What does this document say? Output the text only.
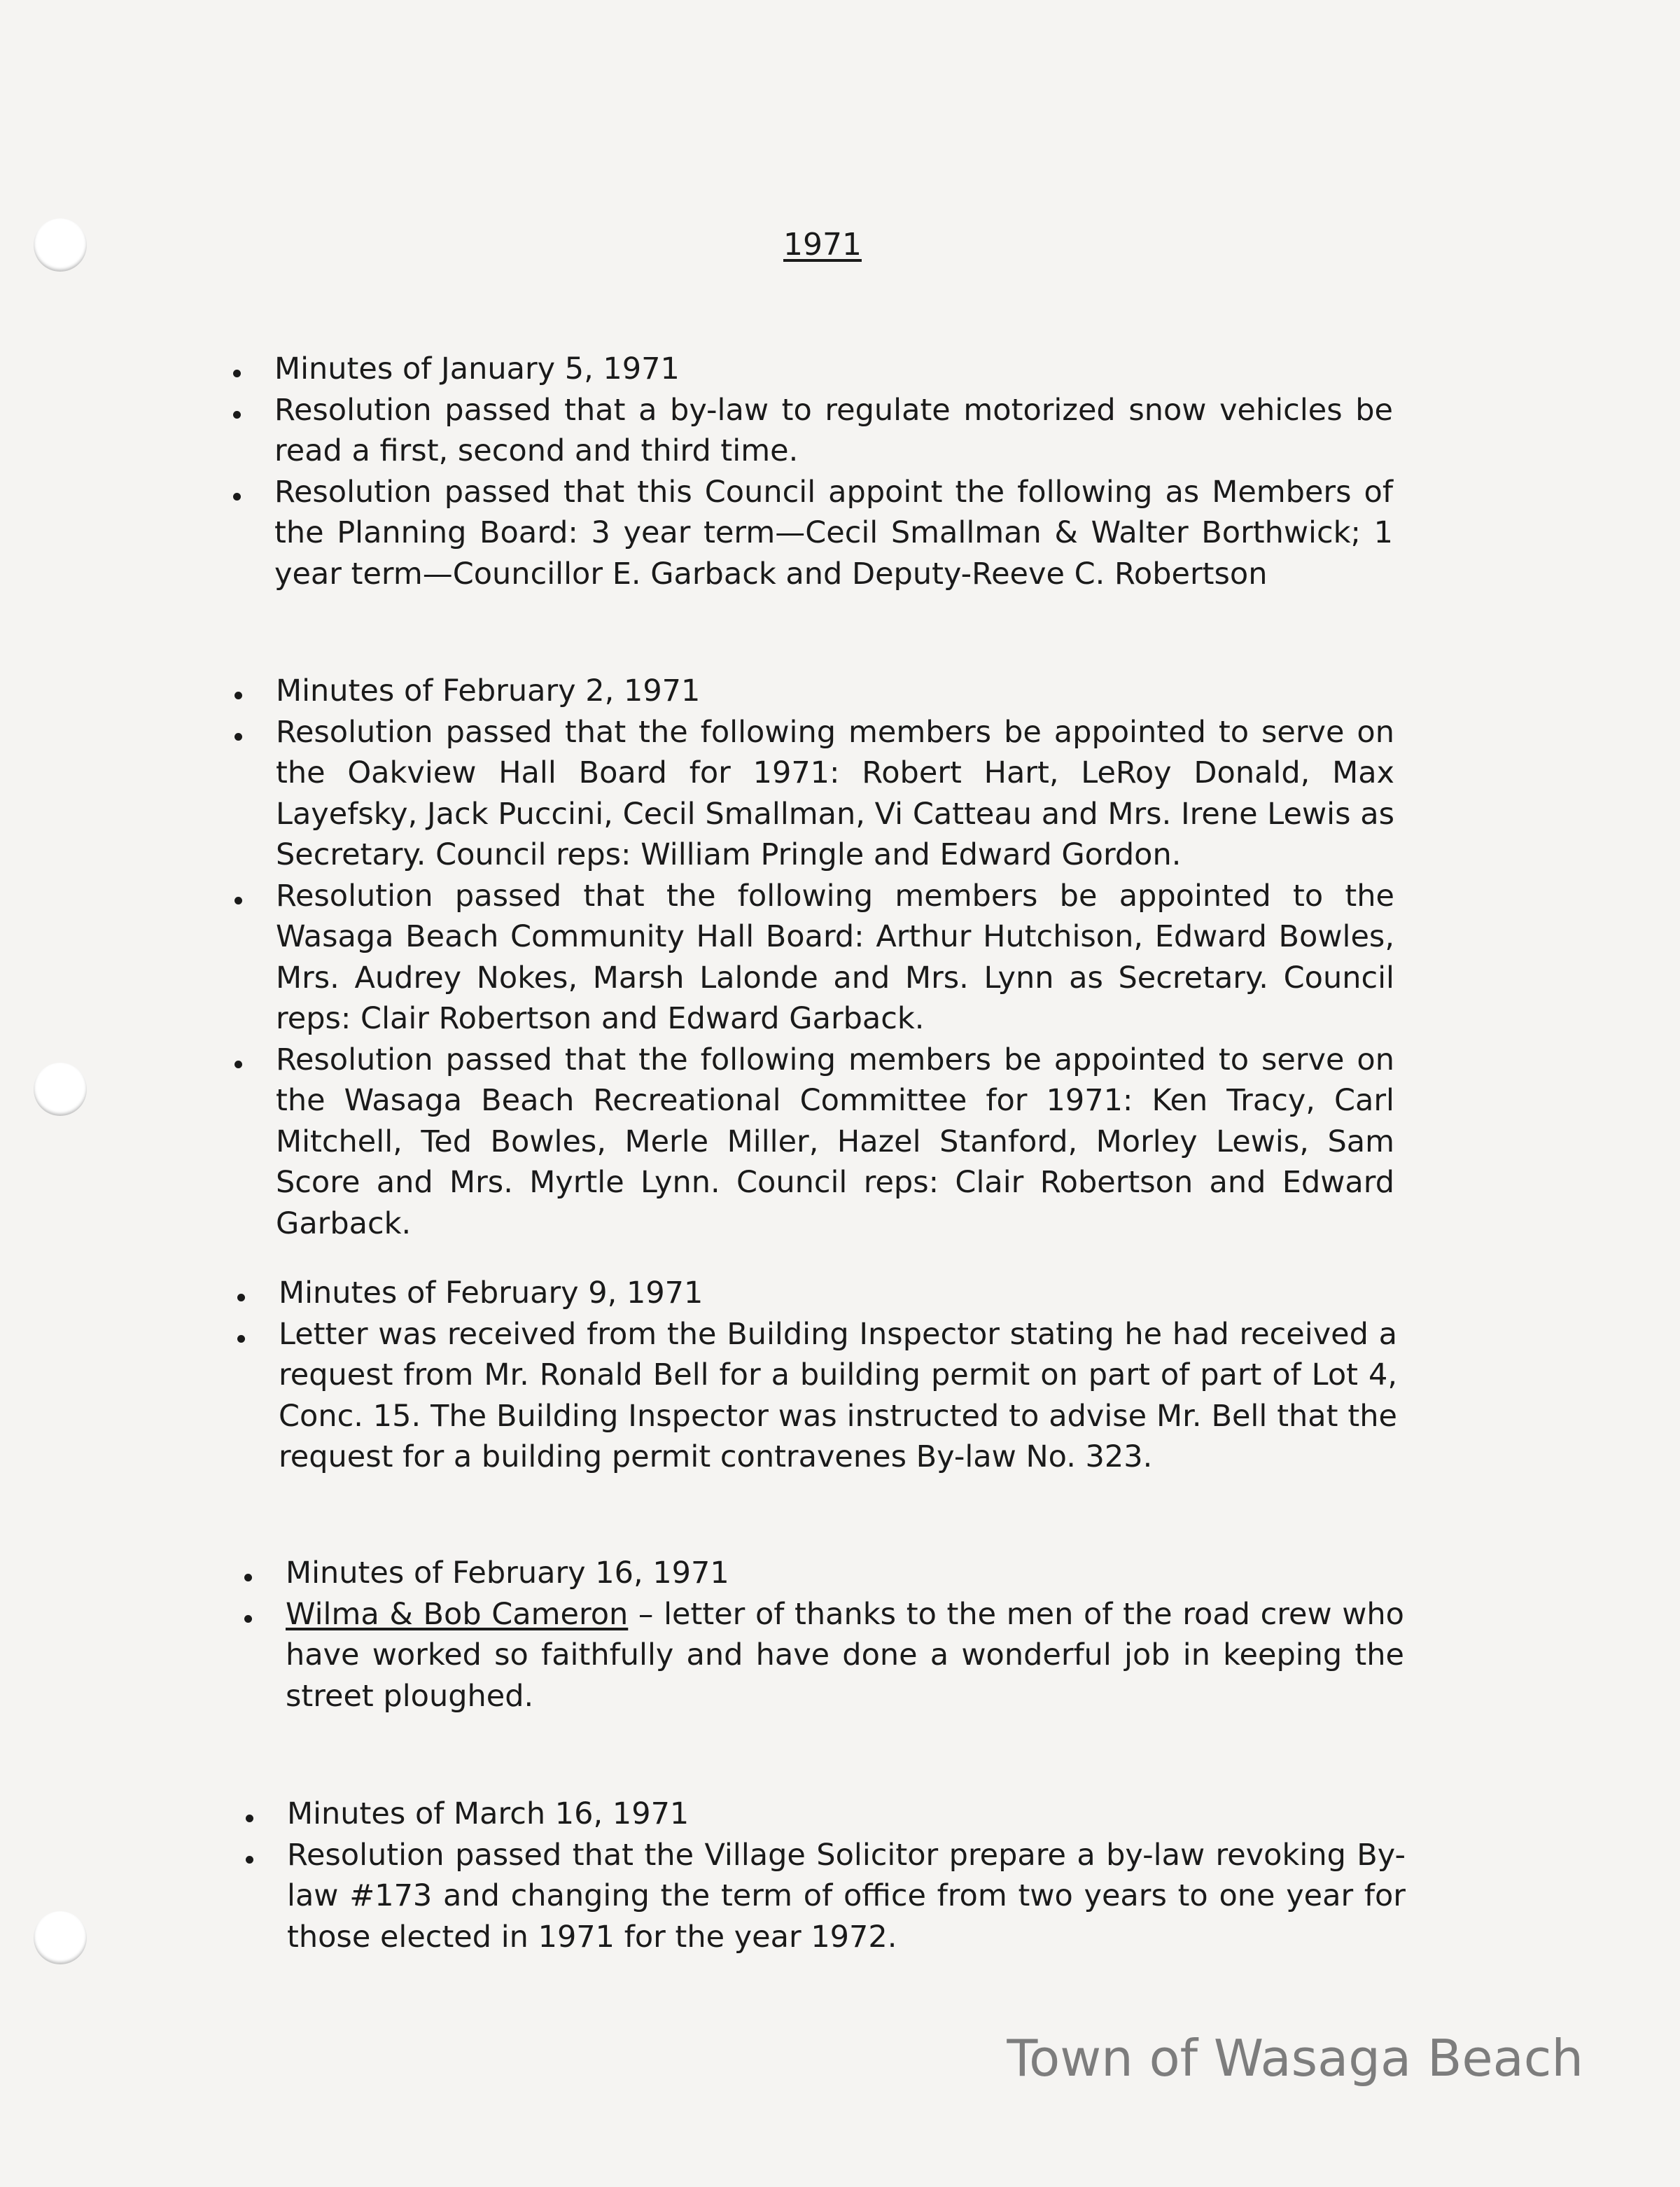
1971
Minutes of January 5, 1971
Resolution passed that a by-law to regulate motorized snow vehicles be read a first, second and third time.
Resolution passed that this Council appoint the following as Members of the Planning Board: 3 year term—Cecil Smallman & Walter Borthwick; 1 year term—Councillor E. Garback and Deputy-Reeve C. Robertson
Minutes of February 2, 1971
Resolution passed that the following members be appointed to serve on the Oakview Hall Board for 1971: Robert Hart, LeRoy Donald, Max Layefsky, Jack Puccini, Cecil Smallman, Vi Catteau and Mrs. Irene Lewis as Secretary. Council reps: William Pringle and Edward Gordon.
Resolution passed that the following members be appointed to the Wasaga Beach Community Hall Board: Arthur Hutchison, Edward Bowles, Mrs. Audrey Nokes, Marsh Lalonde and Mrs. Lynn as Secretary. Council reps: Clair Robertson and Edward Garback.
Resolution passed that the following members be appointed to serve on the Wasaga Beach Recreational Committee for 1971: Ken Tracy, Carl Mitchell, Ted Bowles, Merle Miller, Hazel Stanford, Morley Lewis, Sam Score and Mrs. Myrtle Lynn. Council reps: Clair Robertson and Edward Garback.
Minutes of February 9, 1971
Letter was received from the Building Inspector stating he had received a request from Mr. Ronald Bell for a building permit on part of part of Lot 4, Conc. 15. The Building Inspector was instructed to advise Mr. Bell that the request for a building permit contravenes By-law No. 323.
Minutes of February 16, 1971
Wilma & Bob Cameron – letter of thanks to the men of the road crew who have worked so faithfully and have done a wonderful job in keeping the street ploughed.
Minutes of March 16, 1971
Resolution passed that the Village Solicitor prepare a by-law revoking By-law #173 and changing the term of office from two years to one year for those elected in 1971 for the year 1972.
Town of Wasaga Beach
